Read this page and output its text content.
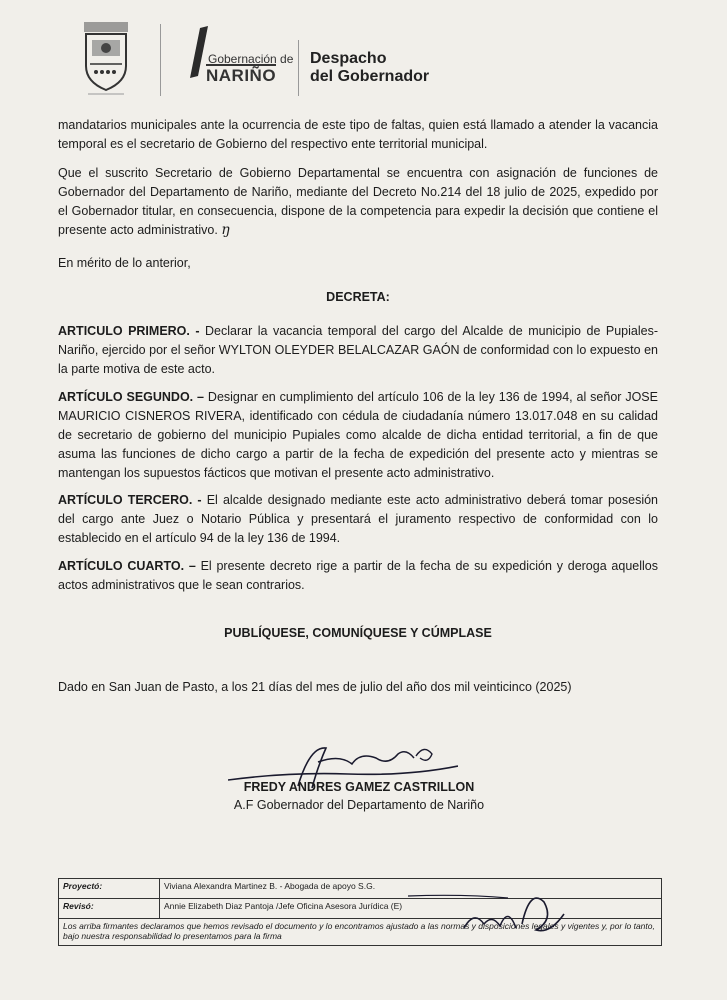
Gobernación de
NARIÑO
Despacho
del Gobernador
mandatarios municipales ante la ocurrencia de este tipo de faltas, quien está llamado a atender la vacancia temporal es el secretario de Gobierno del respectivo ente territorial municipal.
Que el suscrito Secretario de Gobierno Departamental se encuentra con asignación de funciones de Gobernador del Departamento de Nariño, mediante del Decreto No.214 del 18 julio de 2025, expedido por el Gobernador titular, en consecuencia, dispone de la competencia para expedir la decisión que contiene el presente acto administrativo. ŋ
En mérito de lo anterior,
DECRETA:
ARTICULO PRIMERO. - Declarar la vacancia temporal del cargo del Alcalde de municipio de Pupiales-Nariño, ejercido por el señor WYLTON OLEYDER BELALCAZAR GAÓN de conformidad con lo expuesto en la parte motiva de este acto.
ARTÍCULO SEGUNDO. – Designar en cumplimiento del artículo 106 de la ley 136 de 1994, al señor JOSE MAURICIO CISNEROS RIVERA, identificado con cédula de ciudadanía número 13.017.048 en su calidad de secretario de gobierno del municipio Pupiales como alcalde de dicha entidad territorial, a fin de que asuma las funciones de dicho cargo a partir de la fecha de expedición del presente acto y mientras se mantengan los supuestos fácticos que motivan el presente acto administrativo.
ARTÍCULO TERCERO. - El alcalde designado mediante este acto administrativo deberá tomar posesión del cargo ante Juez o Notario Pública y presentará el juramento respectivo de conformidad con lo establecido en el artículo 94 de la ley 136 de 1994.
ARTÍCULO CUARTO. – El presente decreto rige a partir de la fecha de su expedición y deroga aquellos actos administrativos que le sean contrarios.
PUBLÍQUESE, COMUNÍQUESE Y CÚMPLASE
Dado en San Juan de Pasto, a los 21 días del mes de julio del año dos mil veinticinco (2025)
FREDY ANDRES GAMEZ CASTRILLON
A.F Gobernador del Departamento de Nariño
Proyectó:	Viviana Alexandra Martinez B. - Abogada de apoyo S.G.
Revisó:	Annie Elizabeth Diaz Pantoja /Jefe Oficina Asesora Jurídica (E)
Los arriba firmantes declaramos que hemos revisado el documento y lo encontramos ajustado a las normas y disposiciones legales y vigentes y, por lo tanto, bajo nuestra responsabilidad lo presentamos para la firma	
